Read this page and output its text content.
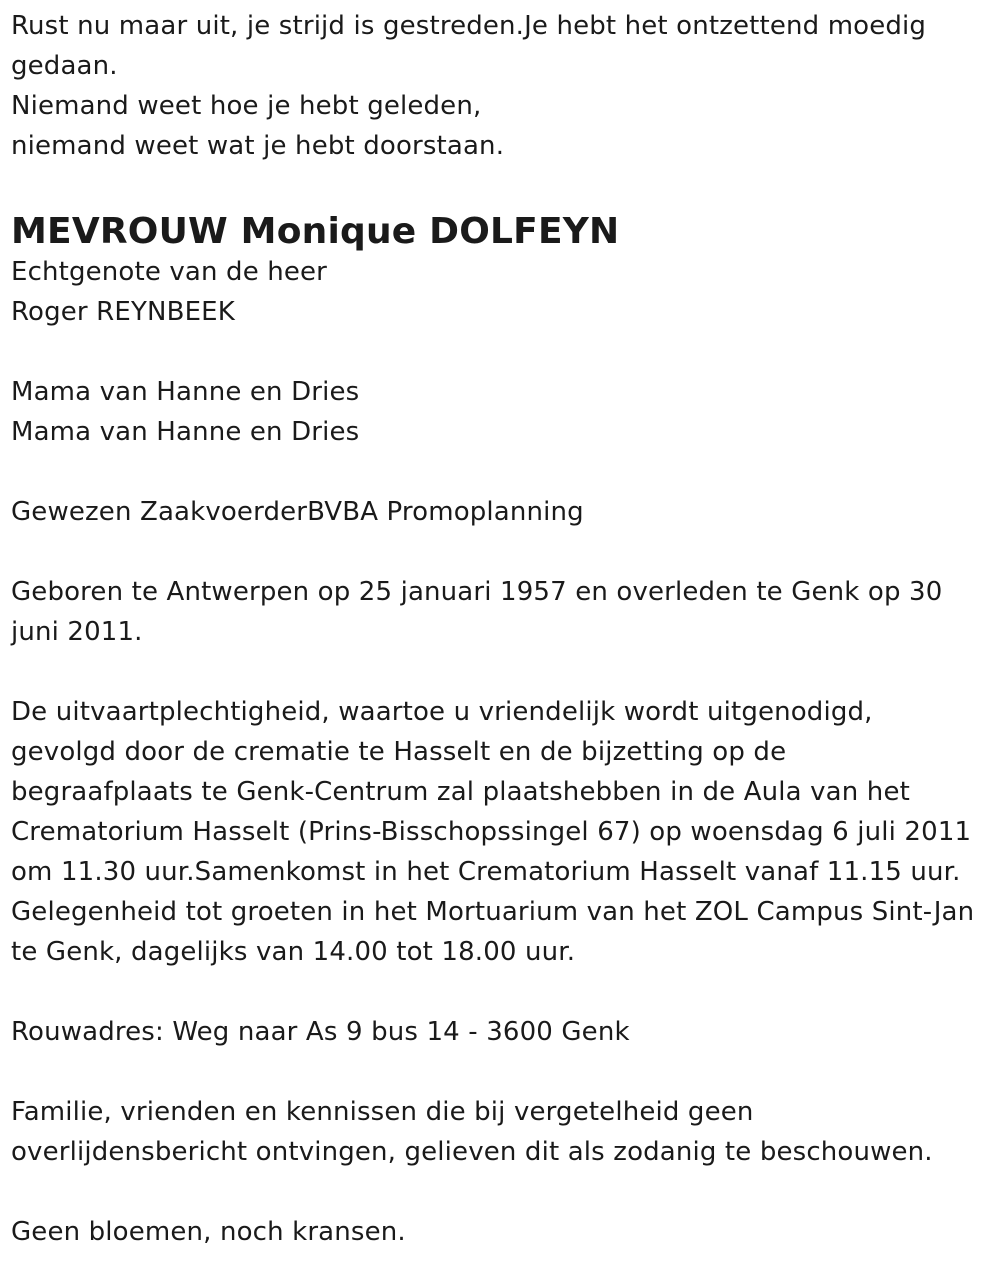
Rust nu maar uit, je strijd is gestreden.Je hebt het ontzettend moedig
gedaan.
Niemand weet hoe je hebt geleden,
niemand weet wat je hebt doorstaan.
MEVROUW Monique DOLFEYN
Echtgenote van de heer
Roger REYNBEEK
Mama van Hanne en Dries
Mama van Hanne en Dries
Gewezen ZaakvoerderBVBA Promoplanning
Geboren te Antwerpen op 25 januari 1957 en overleden te Genk op 30
juni 2011.
De uitvaartplechtigheid, waartoe u vriendelijk wordt uitgenodigd,
gevolgd door de crematie te Hasselt en de bijzetting op de
begraafplaats te Genk-Centrum zal plaatshebben in de Aula van het
Crematorium Hasselt (Prins-Bisschopssingel 67) op woensdag 6 juli 2011
om 11.30 uur.Samenkomst in het Crematorium Hasselt vanaf 11.15 uur.
Gelegenheid tot groeten in het Mortuarium van het ZOL Campus Sint-Jan
te Genk, dagelijks van 14.00 tot 18.00 uur.
Rouwadres: Weg naar As 9 bus 14 - 3600 Genk
Familie, vrienden en kennissen die bij vergetelheid geen
overlijdensbericht ontvingen, gelieven dit als zodanig te beschouwen.
Geen bloemen, noch kransen.
